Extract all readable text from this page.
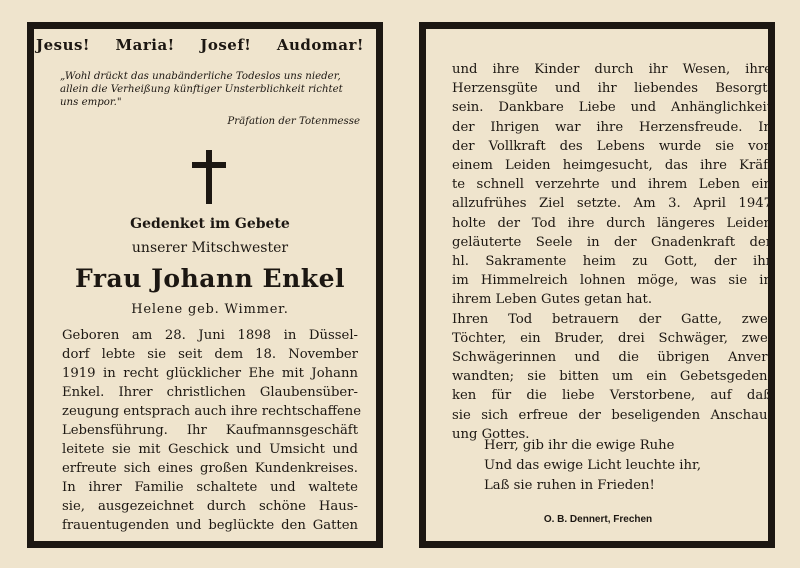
Jesus! Maria! Josef! Audomar!
„Wohl drückt das unabänderliche Todeslos uns nieder, allein die Verheißung künftiger Unsterblichkeit richtet uns empor."
Präfation der Totenmesse
Gedenket im Gebete
unserer Mitschwester
Frau Johann Enkel
Helene geb. Wimmer.
Geboren am 28. Juni 1898 in Düssel-
dorf lebte sie seit dem 18. November
1919 in recht glücklicher Ehe mit Johann
Enkel. Ihrer christlichen Glaubensüber-
zeugung entsprach auch ihre rechtschaffene
Lebensführung. Ihr Kaufmannsgeschäft
leitete sie mit Geschick und Umsicht und
erfreute sich eines großen Kundenkreises.
In ihrer Familie schaltete und waltete
sie, ausgezeichnet durch schöne Haus-
frauentugenden und beglückte den Gatten
und ihre Kinder durch ihr Wesen, ihre
Herzensgüte und ihr liebendes Besorgt-
sein. Dankbare Liebe und Anhänglichkeit
der Ihrigen war ihre Herzensfreude. In
der Vollkraft des Lebens wurde sie von
einem Leiden heimgesucht, das ihre Kräf-
te schnell verzehrte und ihrem Leben ein
allzufrühes Ziel setzte. Am 3. April 1947
holte der Tod ihre durch längeres Leiden
geläuterte Seele in der Gnadenkraft der
hl. Sakramente heim zu Gott, der ihr
im Himmelreich lohnen möge, was sie in
ihrem Leben Gutes getan hat.
Ihren Tod betrauern der Gatte, zwei
Töchter, ein Bruder, drei Schwäger, zwei
Schwägerinnen und die übrigen Anver-
wandten; sie bitten um ein Gebetsgeden-
ken für die liebe Verstorbene, auf daß
sie sich erfreue der beseligenden Anschau-
ung Gottes.
Herr, gib ihr die ewige Ruhe
Und das ewige Licht leuchte ihr,
Laß sie ruhen in Frieden!
O. B. Dennert, Frechen
